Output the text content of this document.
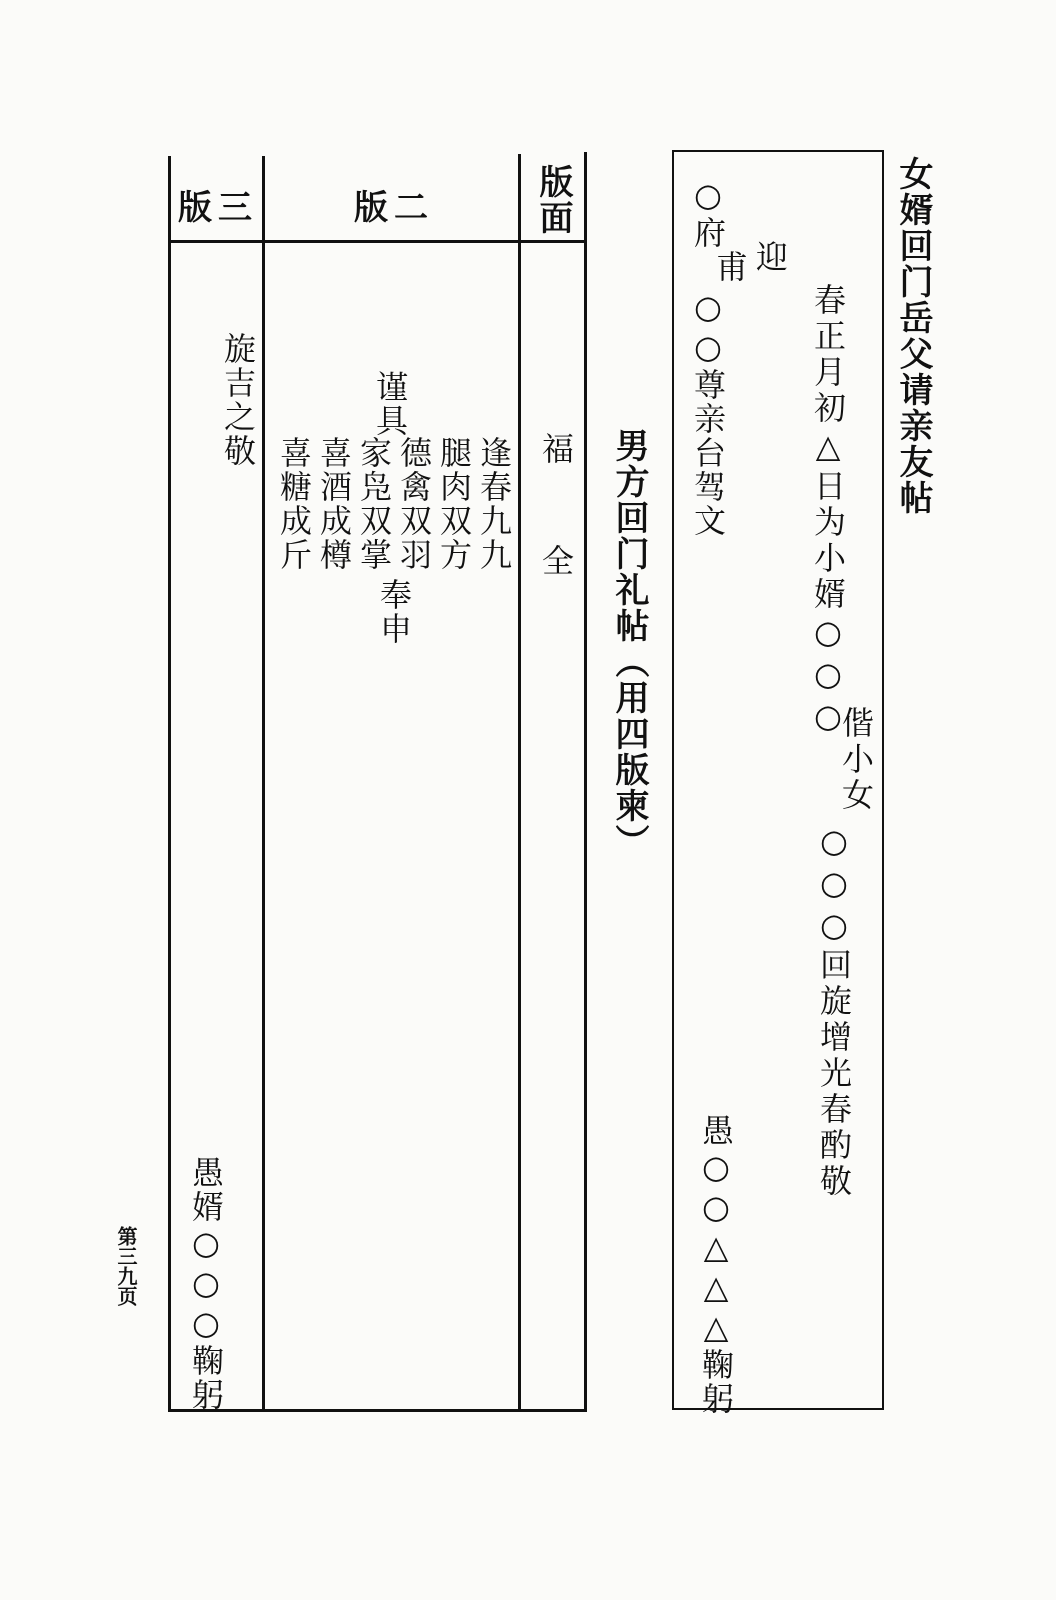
女婿回门岳父请亲友帖
春正月初△日为小婿○○○
偕小女
○○○回旋增光春酌敬
迎
甫
○府
○○尊亲台驾文
愚○○△△△鞠躬
男方回门礼帖（用四版柬）
版三	版二	版面
福
全
逢春九九
腿肉双方
德禽双羽
谨具
家凫双掌
奉申
喜酒成樽
喜糖成斤
旋吉之敬
愚婿○○○鞠躬
第三九页
